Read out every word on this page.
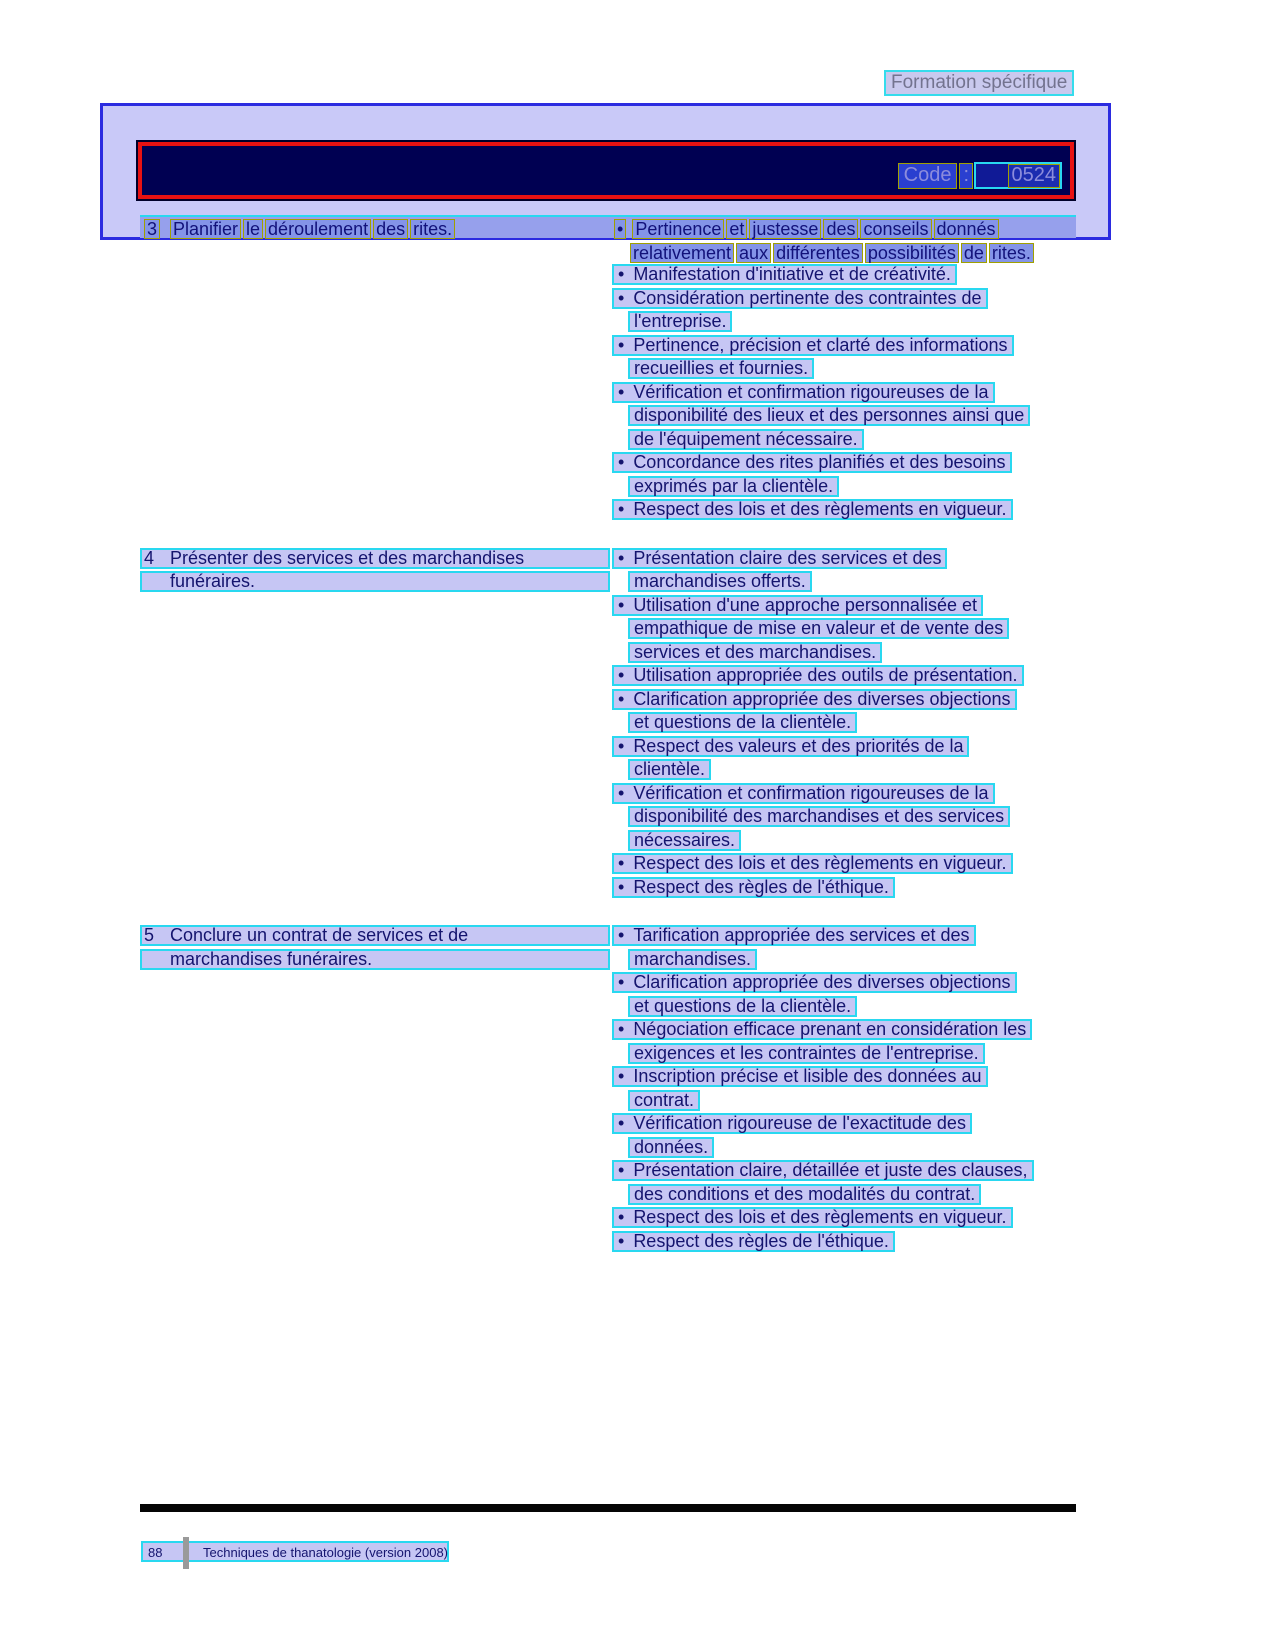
Formation spécifique
Code : 0524
3 Planifier le déroulement des rites.	• Pertinence et justesse des conseils donnés
relativement aux différentes possibilités de rites.
• Manifestation d'initiative et de créativité.
• Considération pertinente des contraintes de
l'entreprise.
• Pertinence, précision et clarté des informations
recueillies et fournies.
• Vérification et confirmation rigoureuses de la
disponibilité des lieux et des personnes ainsi que
de l'équipement nécessaire.
• Concordance des rites planifiés et des besoins
exprimés par la clientèle.
• Respect des lois et des règlements en vigueur.
4 Présenter des services et des marchandises
funéraires.
• Présentation claire des services et des
marchandises offerts.
• Utilisation d'une approche personnalisée et
empathique de mise en valeur et de vente des
services et des marchandises.
• Utilisation appropriée des outils de présentation.
• Clarification appropriée des diverses objections
et questions de la clientèle.
• Respect des valeurs et des priorités de la
clientèle.
• Vérification et confirmation rigoureuses de la
disponibilité des marchandises et des services
nécessaires.
• Respect des lois et des règlements en vigueur.
• Respect des règles de l'éthique.
5 Conclure un contrat de services et de
marchandises funéraires.
• Tarification appropriée des services et des
marchandises.
• Clarification appropriée des diverses objections
et questions de la clientèle.
• Négociation efficace prenant en considération les
exigences et les contraintes de l'entreprise.
• Inscription précise et lisible des données au
contrat.
• Vérification rigoureuse de l'exactitude des
données.
• Présentation claire, détaillée et juste des clauses,
des conditions et des modalités du contrat.
• Respect des lois et des règlements en vigueur.
• Respect des règles de l'éthique.
88	Techniques de thanatologie (version 2008)
